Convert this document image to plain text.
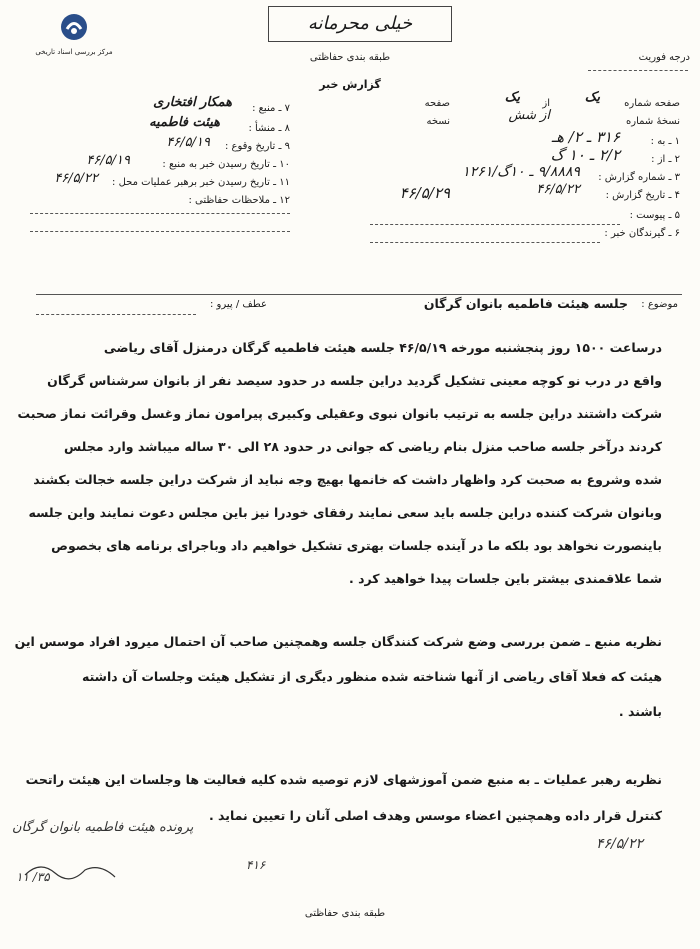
مرکز بررسی اسناد تاریخی
خیلی محرمانه
طبقه بندی حفاظتی	درجه فوریت
گزارش خبر
۷ ـ منبع :
همکار افتخاری
۸ ـ منشأ :
هیئت فاطمیه
۹ ـ تاریخ وقوع :
۴۶/۵/۱۹
۱۰ ـ تاریخ رسیدن خبر به منبع :
۴۶/۵/۱۹
۱۱ ـ تاریخ رسیدن خبر برهبر عملیات محل :
۴۶/۵/۲۲
۱۲ ـ ملاحظات حفاظتی :
صفحه شماره
یک
از
یک
صفحه
نسخهٔ شماره
از شش
نسخه
۱ ـ به :
۳۱۶ ـ ۲/ هـ
۲ ـ از :
۲/۲ ـ ۱۰ گ
۳ ـ شماره گزارش :
۹/۸۸۸۹ ـ ۱۰گ/۱۲۶۱
۴ ـ تاریخ گزارش :
۴۶/۵/۲۲
۴۶/۵/۲۹
۵ ـ پیوست :
۶ ـ گیرندگان خبر :
موضوع :
جلسه هیئت فاطمیه بانوان گرگان
عطف / پیرو :
درساعت ۱۵۰۰ روز پنجشنبه مورخه ۴۶/۵/۱۹ جلسه هیئت فاطمیه گرگان درمنزل آقای ریاضی
واقع در درب نو کوچه معینی تشکیل گردید دراین جلسه در حدود سیصد نفر از بانوان سرشناس گرگان
شرکت داشتند دراین جلسه به ترتیب بانوان نبوی وعقیلی وکبیری پیرامون نماز وغسل وقرائت نماز صحبت
کردند درآخر جلسه صاحب منزل بنام ریاضی که جوانی در حدود ۲۸ الی ۳۰ ساله میباشد وارد مجلس
شده وشروع به صحبت کرد واظهار داشت که خانمها بهیچ وجه نباید از شرکت دراین جلسه خجالت بکشند
وبانوان شرکت کننده دراین جلسه باید سعی نمایند رفقای خودرا نیز باین مجلس دعوت نمایند واین جلسه
باینصورت نخواهد بود بلکه ما در آینده جلسات بهتری تشکیل خواهیم داد وباجرای برنامه های بخصوص
شما علاقمندی بیشتر باین جلسات پیدا خواهید کرد .
نظریه منبع ـ ضمن بررسی وضع شرکت کنندگان جلسه وهمچنین صاحب آن احتمال میرود افراد موسس این
هیئت که فعلا آقای ریاضی از آنها شناخته شده منظور دیگری از تشکیل هیئت وجلسات آن داشته
باشند .
نظریه رهبر عملیات ـ به منبع ضمن آموزشهای لازم توصیه شده کلیه فعالیت ها وجلسات این هیئت راتحت
کنترل قرار داده وهمچنین اعضاء موسس وهدف اصلی آنان را تعیین نماید .
پرونده هیئت فاطمیه بانوان گرگان
۳۵/ ۱۱
۴۶/۵/۲۲
۴۱۶
طبقه بندی حفاظتی
